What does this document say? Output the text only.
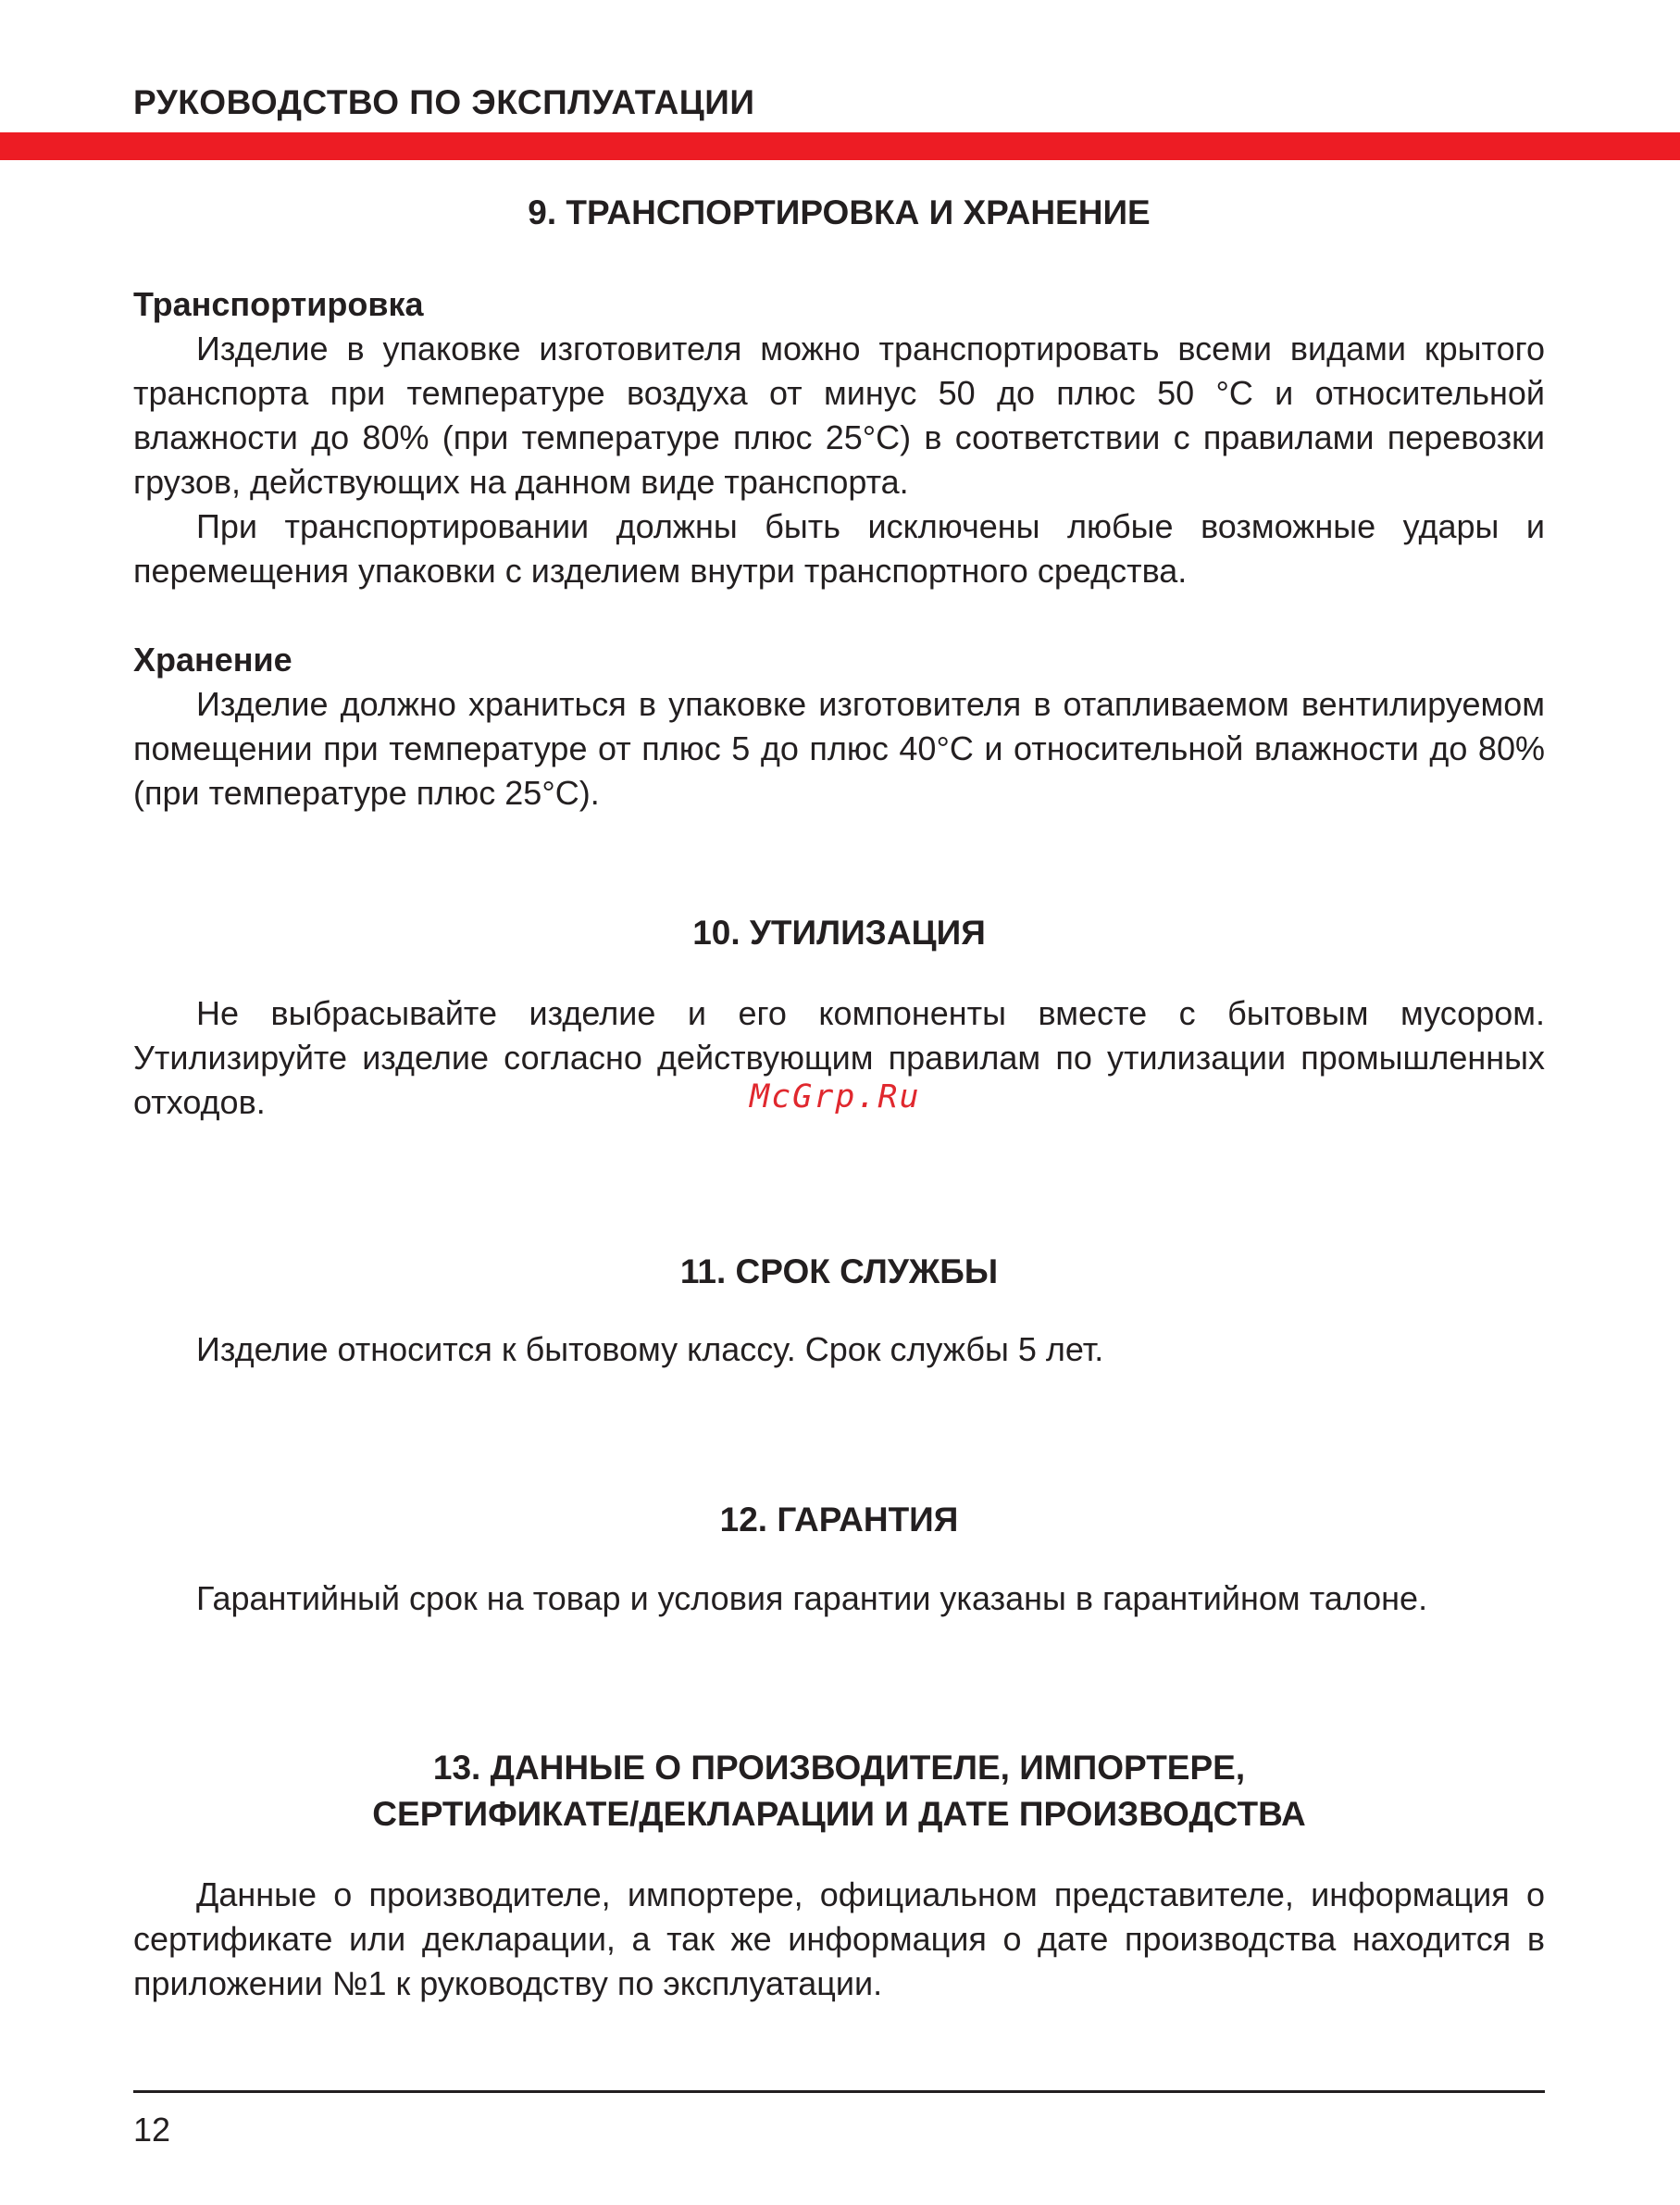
РУКОВОДСТВО ПО ЭКСПЛУАТАЦИИ
9. ТРАНСПОРТИРОВКА И ХРАНЕНИЕ
Транспортировка

Изделие в упаковке изготовителя можно транспортировать всеми видами крытого транспорта при температуре воздуха от минус 50 до плюс 50 °С и относительной влажности до 80% (при температуре плюс 25°С) в соответствии с правилами перевозки грузов, действующих на данном виде транспорта.

При транспортировании должны быть исключены любые возможные удары и перемещения упаковки с изделием внутри транспортного средства.

Хранение

Изделие должно храниться в упаковке изготовителя в отапливаемом вентилируемом помещении при температуре от плюс 5 до плюс 40°С и относительной влажности до 80% (при температуре плюс 25°С).

10. УТИЛИЗАЦИЯ

Не выбрасывайте изделие и его компоненты вместе с бытовым мусором. Утилизируйте изделие согласно действующим правилам по утилизации промышленных отходов.

11. СРОК СЛУЖБЫ

Изделие относится к бытовому классу. Срок службы 5 лет.

12. ГАРАНТИЯ

Гарантийный срок на товар и условия гарантии указаны в гарантийном талоне.

13. ДАННЫЕ О ПРОИЗВОДИТЕЛЕ, ИМПОРТЕРЕ,
СЕРТИФИКАТЕ/ДЕКЛАРАЦИИ И ДАТЕ ПРОИЗВОДСТВА

Данные о производителе, импортере, официальном представителе, информация о сертификате или декларации, а так же информация о дате производства находится в приложении №1 к руководству по эксплуатации.

McGrp.Ru
12
